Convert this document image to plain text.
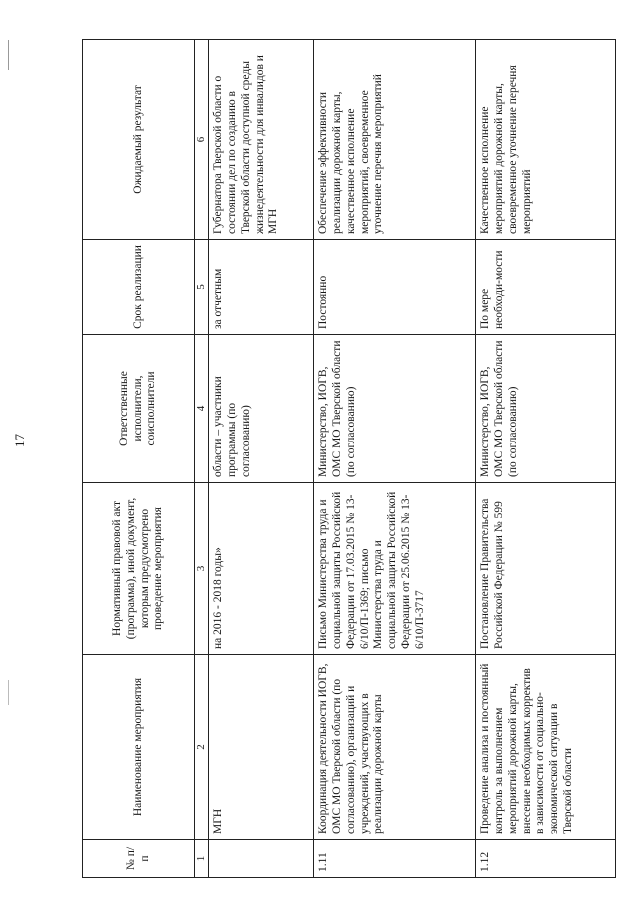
17
№ п/п	Наименование мероприятия	Нормативный правовой акт (программа), иной документ, которым предусмотрено проведение мероприятия	Ответственные исполнители, соисполнители	Срок реализации	Ожидаемый результат
1	2	3	4	5	6
	МГН	на 2016 - 2018 годы»	области – участники программы (по согласованию)	за отчетным	Губернатора Тверской области о состоянии дел по созданию в Тверской области доступной среды жизнедеятельности для инвалидов и МГН
1.11	Координация деятельности ИОГВ, ОМС МО Тверской области (по согласованию), организаций и учреждений, участвующих в реализации дорожной карты	Письмо Министерства труда и социальной защиты Российской Федерации от 17.03.2015 № 13-6/10/П-1369; письмо Министерства труда и социальной защиты Российской Федерации от 25.06.2015 № 13-6/10/П-3717	Министерство, ИОГВ, ОМС МО Тверской области (по согласованию)	Постоянно	Обеспечение эффективности реализации дорожной карты, качественное исполнение мероприятий, своевременное уточнение перечня мероприятий
1.12	Проведение анализа и постоянный контроль за выполнением мероприятий дорожной карты, внесение необходимых корректив в зависимости от социально-экономической ситуации в Тверской области	Постановление Правительства Российской Федерации № 599	Министерство, ИОГВ, ОМС МО Тверской области (по согласованию)	По мере необходи-мости	Качественное исполнение мероприятий дорожной карты, своевременное уточнение перечня мероприятий
